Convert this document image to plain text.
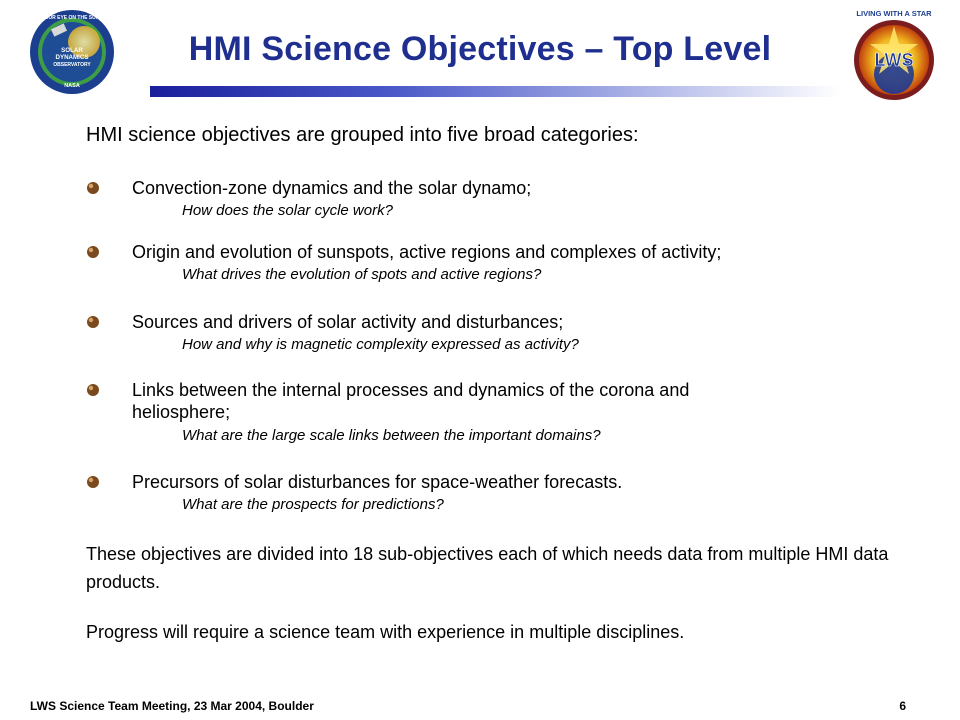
SOLAR
DYNAMICS
OBSERVATORY
NASA
OUR EYE ON THE SUN
LWS
LIVING WITH A STAR
HMI Science Objectives – Top Level
HMI science objectives are grouped into five broad categories:
Convection-zone dynamics and the solar dynamo;
How does the solar cycle work?
Origin and evolution of sunspots, active regions and complexes of activity;
What drives the evolution of spots and active regions?
Sources and drivers of solar activity and disturbances;
How and why is magnetic complexity expressed as activity?
Links between the internal processes and dynamics of the corona and
heliosphere;
What are the large scale links between the important domains?
Precursors of solar disturbances for space-weather forecasts.
What are the prospects for predictions?
These objectives are divided into 18 sub-objectives each of which needs data from multiple HMI data products.
Progress will require a science team with experience in multiple disciplines.
LWS Science Team Meeting, 23 Mar 2004, Boulder	6
